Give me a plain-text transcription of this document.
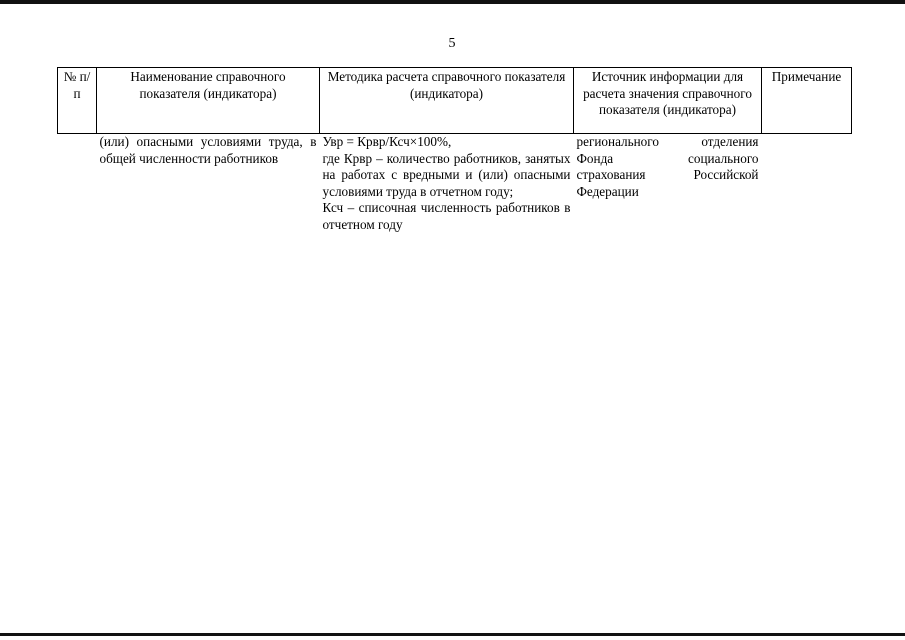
5
№ п/п	Наименование справочного показателя (индикатора)	Методика расчета справочного показателя (индикатора)	Источник информации для расчета значения справочного показателя (индикатора)	Примечание
	(или) опасными условиями труда, в общей численности работников	Увр = Крвр/Ксч×100%,
где Крвр – количество работников, занятых на работах с вредными и (или) опасными условиями труда в отчетном году;
Ксч – списочная численность работников в отчетном году	регионального отделения Фонда социального страхования Российской Федерации	
